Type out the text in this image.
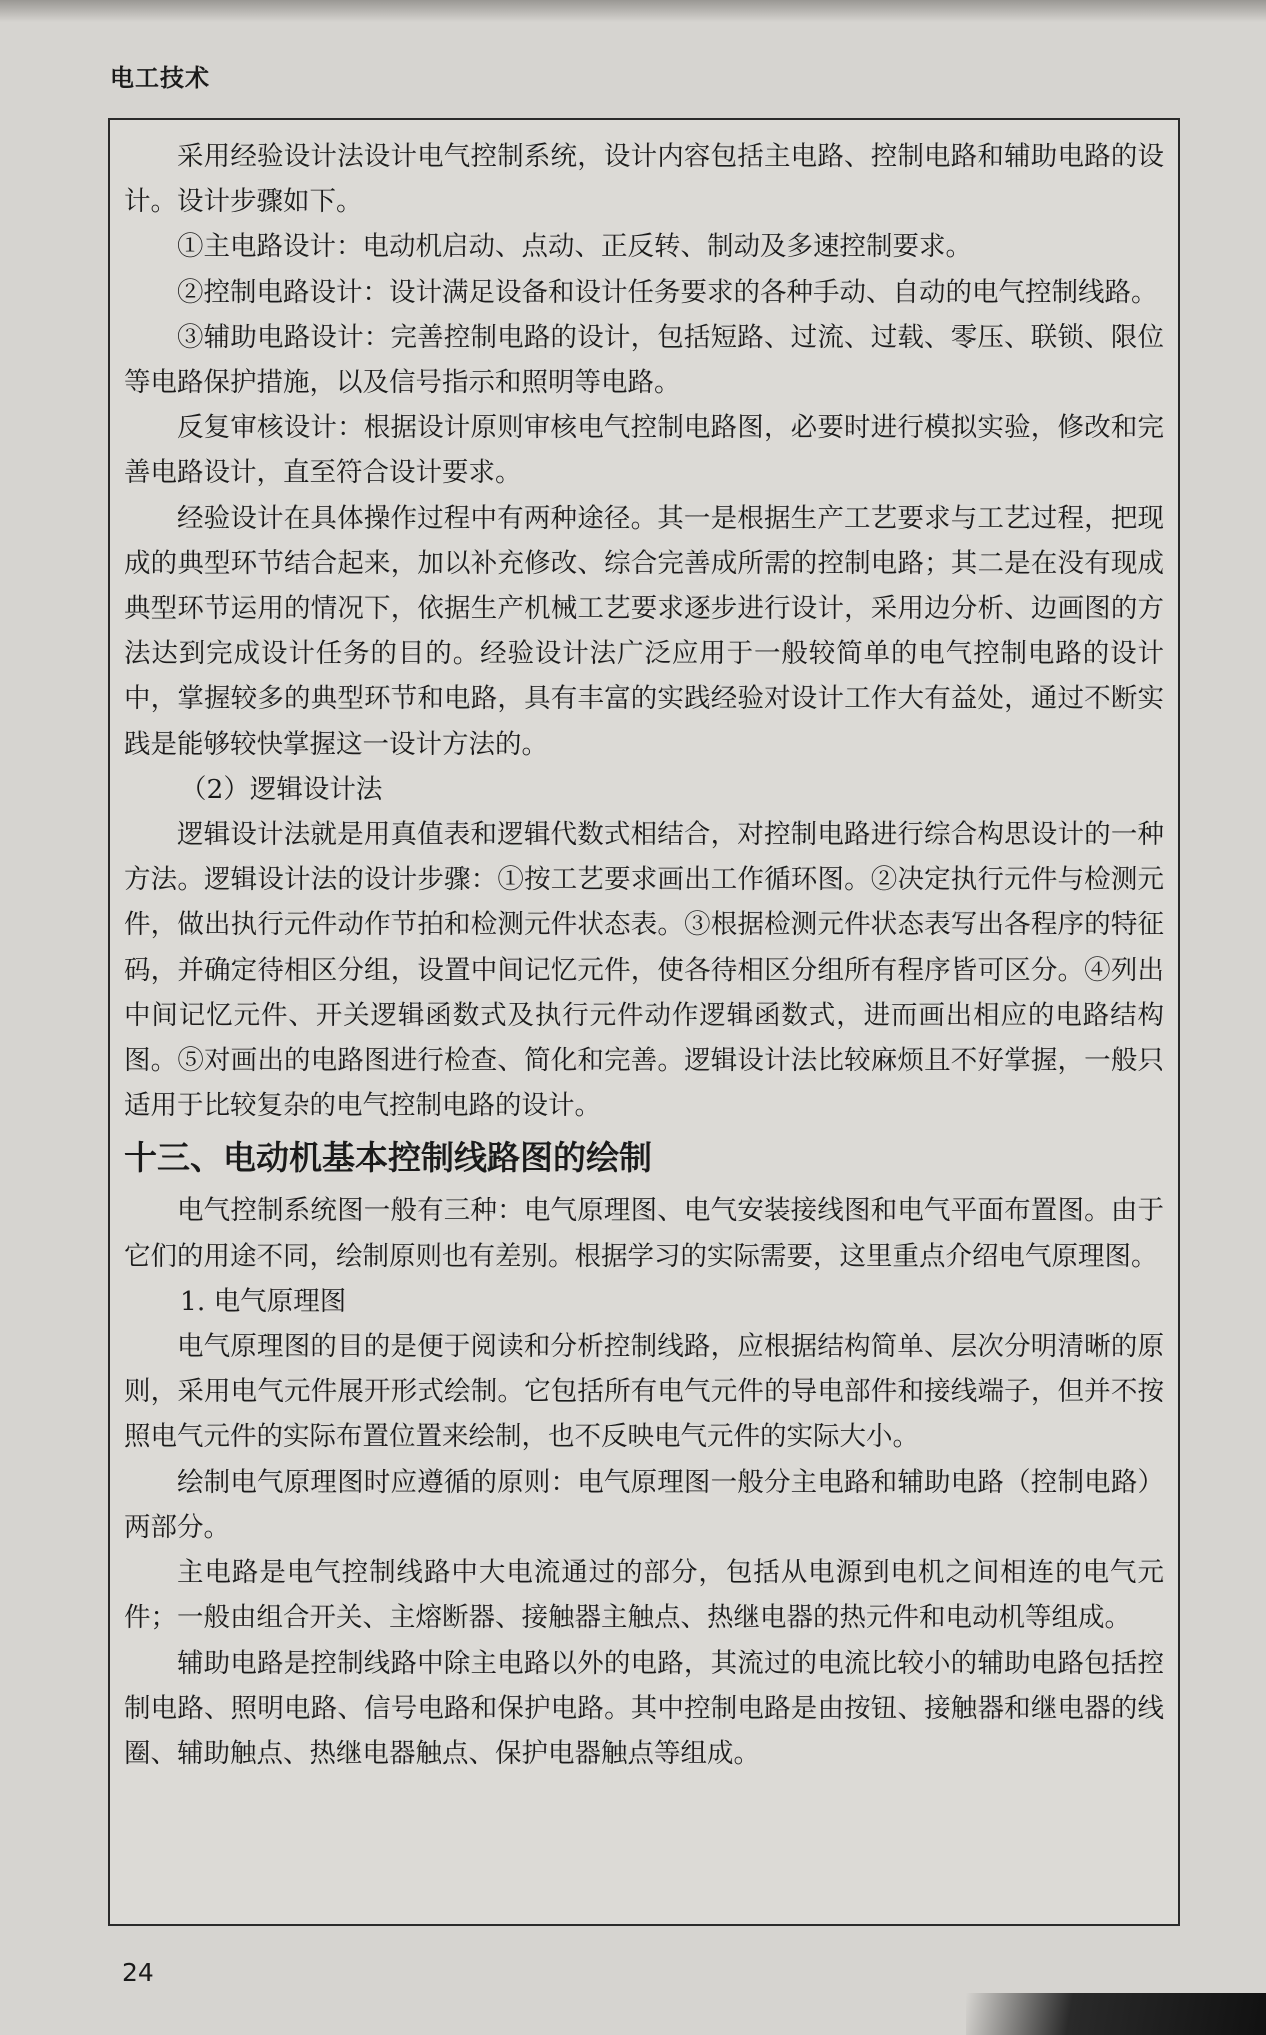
电工技术

采用经验设计法设计电气控制系统，设计内容包括主电路、控制电路和辅助电路的设计。设计步骤如下。

①主电路设计：电动机启动、点动、正反转、制动及多速控制要求。

②控制电路设计：设计满足设备和设计任务要求的各种手动、自动的电气控制线路。

③辅助电路设计：完善控制电路的设计，包括短路、过流、过载、零压、联锁、限位等电路保护措施，以及信号指示和照明等电路。

反复审核设计：根据设计原则审核电气控制电路图，必要时进行模拟实验，修改和完善电路设计，直至符合设计要求。

经验设计在具体操作过程中有两种途径。其一是根据生产工艺要求与工艺过程，把现成的典型环节结合起来，加以补充修改、综合完善成所需的控制电路；其二是在没有现成典型环节运用的情况下，依据生产机械工艺要求逐步进行设计，采用边分析、边画图的方法达到完成设计任务的目的。经验设计法广泛应用于一般较简单的电气控制电路的设计中，掌握较多的典型环节和电路，具有丰富的实践经验对设计工作大有益处，通过不断实践是能够较快掌握这一设计方法的。

（2）逻辑设计法

逻辑设计法就是用真值表和逻辑代数式相结合，对控制电路进行综合构思设计的一种方法。逻辑设计法的设计步骤：①按工艺要求画出工作循环图。②决定执行元件与检测元件，做出执行元件动作节拍和检测元件状态表。③根据检测元件状态表写出各程序的特征码，并确定待相区分组，设置中间记忆元件，使各待相区分组所有程序皆可区分。④列出中间记忆元件、开关逻辑函数式及执行元件动作逻辑函数式，进而画出相应的电路结构图。⑤对画出的电路图进行检查、简化和完善。逻辑设计法比较麻烦且不好掌握，一般只适用于比较复杂的电气控制电路的设计。

十三、电动机基本控制线路图的绘制

电气控制系统图一般有三种：电气原理图、电气安装接线图和电气平面布置图。由于它们的用途不同，绘制原则也有差别。根据学习的实际需要，这里重点介绍电气原理图。

1. 电气原理图

电气原理图的目的是便于阅读和分析控制线路，应根据结构简单、层次分明清晰的原则，采用电气元件展开形式绘制。它包括所有电气元件的导电部件和接线端子，但并不按照电气元件的实际布置位置来绘制，也不反映电气元件的实际大小。

绘制电气原理图时应遵循的原则：电气原理图一般分主电路和辅助电路（控制电路）两部分。

主电路是电气控制线路中大电流通过的部分，包括从电源到电机之间相连的电气元件；一般由组合开关、主熔断器、接触器主触点、热继电器的热元件和电动机等组成。

辅助电路是控制线路中除主电路以外的电路，其流过的电流比较小的辅助电路包括控制电路、照明电路、信号电路和保护电路。其中控制电路是由按钮、接触器和继电器的线圈、辅助触点、热继电器触点、保护电器触点等组成。

24
